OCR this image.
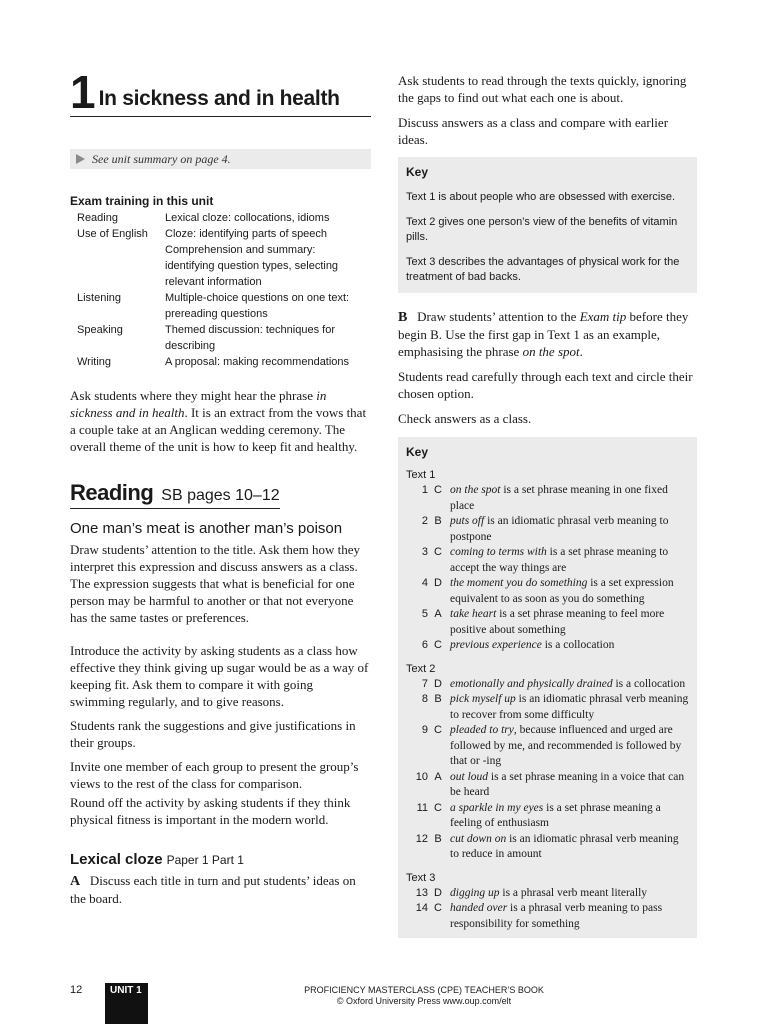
1 In sickness and in health
See unit summary on page 4.
Exam training in this unit
Reading	Lexical cloze: collocations, idioms
Use of English	Cloze: identifying parts of speech
Comprehension and summary:
identifying question types, selecting
relevant information
Listening	Multiple-choice questions on one text:
prereading questions
Speaking	Themed discussion: techniques for
describing
Writing	A proposal: making recommendations

Ask students where they might hear the phrase in sickness and in health. It is an extract from the vows that a couple take at an Anglican wedding ceremony. The overall theme of the unit is how to keep fit and healthy.

Reading SB pages 10–12
One man’s meat is another man’s poison

Draw students’ attention to the title. Ask them how they interpret this expression and discuss answers as a class. The expression suggests that what is beneficial for one person may be harmful to another or that not everyone has the same tastes or preferences.

Introduce the activity by asking students as a class how effective they think giving up sugar would be as a way of keeping fit. Ask them to compare it with going swimming regularly, and to give reasons.

Students rank the suggestions and give justifications in their groups.

Invite one member of each group to present the group’s views to the rest of the class for comparison.

Round off the activity by asking students if they think physical fitness is important in the modern world.

Lexical cloze Paper 1 Part 1

A Discuss each title in turn and put students’ ideas on the board.

Ask students to read through the texts quickly, ignoring the gaps to find out what each one is about.

Discuss answers as a class and compare with earlier ideas.

Key
Text 1 is about people who are obsessed with exercise.
Text 2 gives one person’s view of the benefits of vitamin pills.
Text 3 describes the advantages of physical work for the treatment of bad backs.

B Draw students’ attention to the Exam tip before they begin B. Use the first gap in Text 1 as an example, emphasising the phrase on the spot.

Students read carefully through each text and circle their chosen option.

Check answers as a class.

Key
Text 1
1 C on the spot is a set phrase meaning in one fixed place
2 B puts off is an idiomatic phrasal verb meaning to postpone
3 C coming to terms with is a set phrase meaning to accept the way things are
4 D the moment you do something is a set expression equivalent to as soon as you do something
5 A take heart is a set phrase meaning to feel more positive about something
6 C previous experience is a collocation
Text 2
7 D emotionally and physically drained is a collocation
8 B pick myself up is an idiomatic phrasal verb meaning to recover from some difficulty
9 C pleaded to try, because influenced and urged are followed by me, and recommended is followed by that or -ing
10 A out loud is a set phrase meaning in a voice that can be heard
11 C a sparkle in my eyes is a set phrase meaning a feeling of enthusiasm
12 B cut down on is an idiomatic phrasal verb meaning to reduce in amount
Text 3
13 D digging up is a phrasal verb meant literally
14 C handed over is a phrasal verb meaning to pass responsibility for something
12	UNIT 1	PROFICIENCY MASTERCLASS (CPE) TEACHER’S BOOK
© Oxford University Press www.oup.com/elt
